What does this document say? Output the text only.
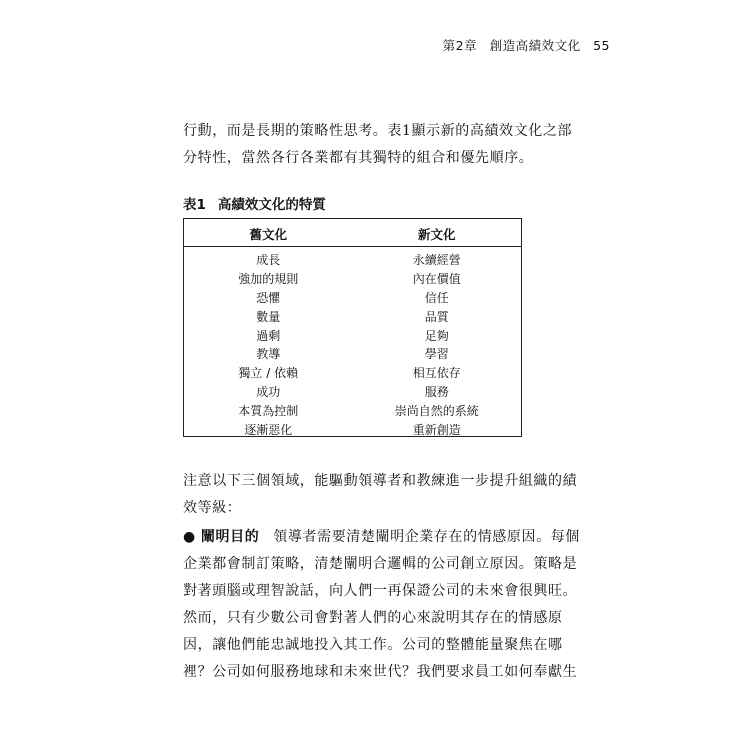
第2章 創造高績效文化 55
行動，而是長期的策略性思考。表1顯示新的高績效文化之部
分特性，當然各行各業都有其獨特的組合和優先順序。
表1 高績效文化的特質
舊文化	新文化
成長	永續經營
強加的規則	內在價值
恐懼	信任
數量	品質
過剩	足夠
教導	學習
獨立 / 依賴	相互依存
成功	服務
本質為控制	崇尚自然的系統
逐漸惡化	重新創造
注意以下三個領域，能驅動領導者和教練進一步提升組織的績
效等級：
● 闡明目的 領導者需要清楚闡明企業存在的情感原因。每個
企業都會制訂策略，清楚闡明合邏輯的公司創立原因。策略是
對著頭腦或理智說話，向人們一再保證公司的未來會很興旺。
然而，只有少數公司會對著人們的心來說明其存在的情感原
因，讓他們能忠誠地投入其工作。公司的整體能量聚焦在哪
裡？公司如何服務地球和未來世代？我們要求員工如何奉獻生
